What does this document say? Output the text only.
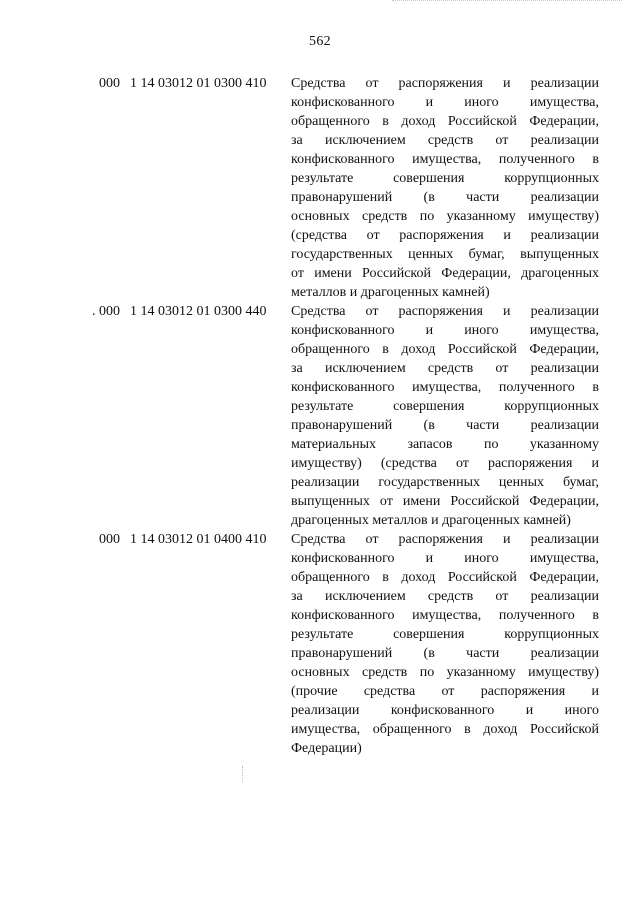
562
000 1 14 03012 01 0300 410 Средства от распоряжения и реализации
конфискованного и иного имущества,
обращенного в доход Российской Федерации,
за исключением средств от реализации
конфискованного имущества, полученного в
результате совершения коррупционных
правонарушений (в части реализации
основных средств по указанному имуществу)
(средства от распоряжения и реализации
государственных ценных бумаг, выпущенных
от имени Российской Федерации, драгоценных
металлов и драгоценных камней)
. 000 1 14 03012 01 0300 440 Средства от распоряжения и реализации
конфискованного и иного имущества,
обращенного в доход Российской Федерации,
за исключением средств от реализации
конфискованного имущества, полученного в
результате совершения коррупционных
правонарушений (в части реализации
материальных запасов по указанному
имуществу) (средства от распоряжения и
реализации государственных ценных бумаг,
выпущенных от имени Российской Федерации,
драгоценных металлов и драгоценных камней)
000 1 14 03012 01 0400 410 Средства от распоряжения и реализации
конфискованного и иного имущества,
обращенного в доход Российской Федерации,
за исключением средств от реализации
конфискованного имущества, полученного в
результате совершения коррупционных
правонарушений (в части реализации
основных средств по указанному имуществу)
(прочие средства от распоряжения и
реализации конфискованного и иного
имущества, обращенного в доход Российской
Федерации)
